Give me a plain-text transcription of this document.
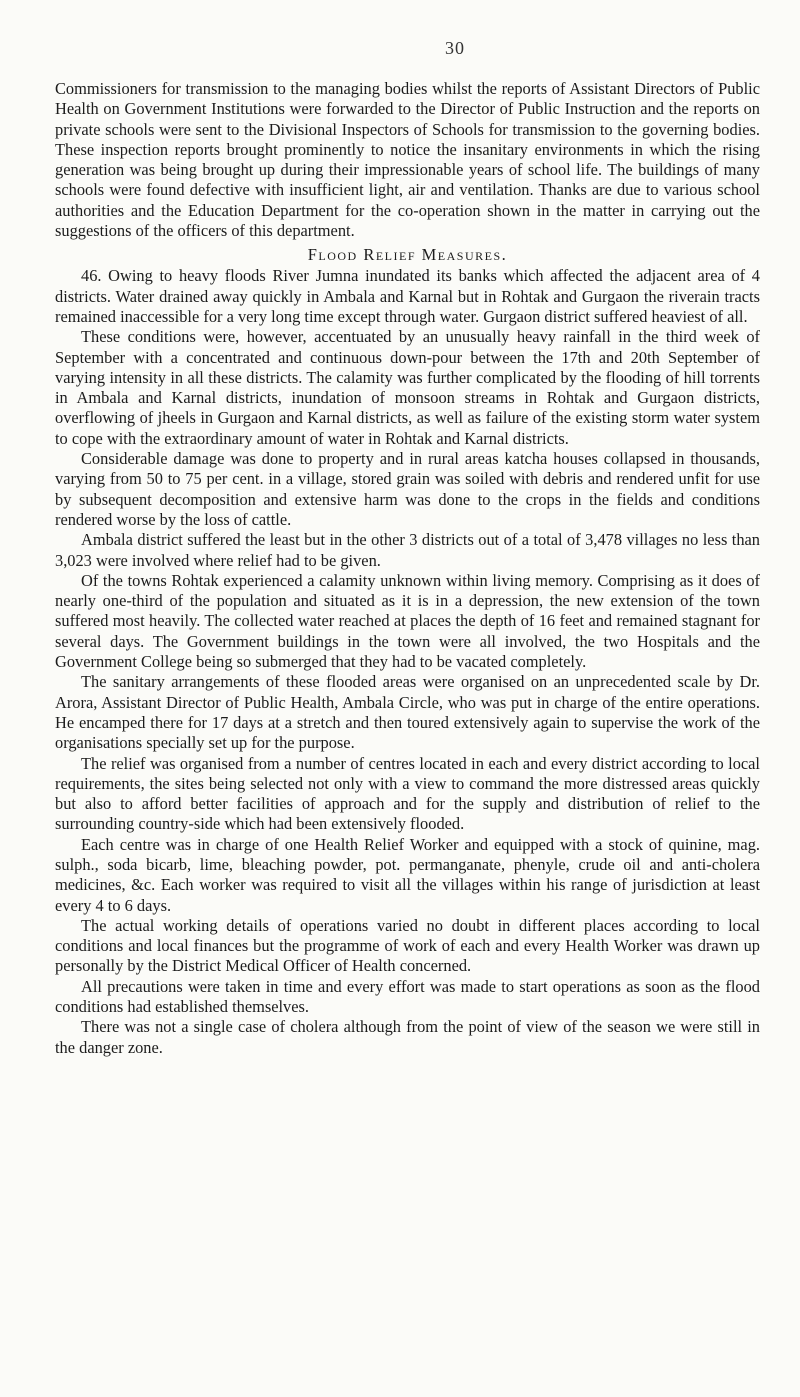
30

Commissioners for transmission to the managing bodies whilst the reports of Assistant Directors of Public Health on Government Institutions were forwarded to the Director of Public Instruction and the reports on private schools were sent to the Divisional Inspectors of Schools for transmission to the governing bodies. These inspection reports brought prominently to notice the insanitary environments in which the rising generation was being brought up during their impressionable years of school life. The buildings of many schools were found defective with insufficient light, air and ventilation. Thanks are due to various school authorities and the Education Department for the co-operation shown in the matter in carrying out the suggestions of the officers of this department.

Flood Relief Measures.

46. Owing to heavy floods River Jumna inundated its banks which affected the adjacent area of 4 districts. Water drained away quickly in Ambala and Karnal but in Rohtak and Gurgaon the riverain tracts remained inaccessible for a very long time except through water. Gurgaon district suffered heaviest of all.

These conditions were, however, accentuated by an unusually heavy rainfall in the third week of September with a concentrated and continuous down-pour between the 17th and 20th September of varying intensity in all these districts. The calamity was further complicated by the flooding of hill torrents in Ambala and Karnal districts, inundation of monsoon streams in Rohtak and Gurgaon districts, overflowing of jheels in Gurgaon and Karnal districts, as well as failure of the existing storm water system to cope with the extraordinary amount of water in Rohtak and Karnal districts.

Considerable damage was done to property and in rural areas katcha houses collapsed in thousands, varying from 50 to 75 per cent. in a village, stored grain was soiled with debris and rendered unfit for use by subsequent decomposition and extensive harm was done to the crops in the fields and conditions rendered worse by the loss of cattle.

Ambala district suffered the least but in the other 3 districts out of a total of 3,478 villages no less than 3,023 were involved where relief had to be given.

Of the towns Rohtak experienced a calamity unknown within living memory. Comprising as it does of nearly one-third of the population and situated as it is in a depression, the new extension of the town suffered most heavily. The collected water reached at places the depth of 16 feet and remained stagnant for several days. The Government buildings in the town were all involved, the two Hospitals and the Government College being so submerged that they had to be vacated completely.

The sanitary arrangements of these flooded areas were organised on an unprecedented scale by Dr. Arora, Assistant Director of Public Health, Ambala Circle, who was put in charge of the entire operations. He encamped there for 17 days at a stretch and then toured extensively again to supervise the work of the organisations specially set up for the purpose.

The relief was organised from a number of centres located in each and every district according to local requirements, the sites being selected not only with a view to command the more distressed areas quickly but also to afford better facilities of approach and for the supply and distribution of relief to the surrounding country-side which had been extensively flooded.

Each centre was in charge of one Health Relief Worker and equipped with a stock of quinine, mag. sulph., soda bicarb, lime, bleaching powder, pot. permanganate, phenyle, crude oil and anti-cholera medicines, &c. Each worker was required to visit all the villages within his range of jurisdiction at least every 4 to 6 days.

The actual working details of operations varied no doubt in different places according to local conditions and local finances but the programme of work of each and every Health Worker was drawn up personally by the District Medical Officer of Health concerned.

All precautions were taken in time and every effort was made to start operations as soon as the flood conditions had established themselves.

There was not a single case of cholera although from the point of view of the season we were still in the danger zone.
